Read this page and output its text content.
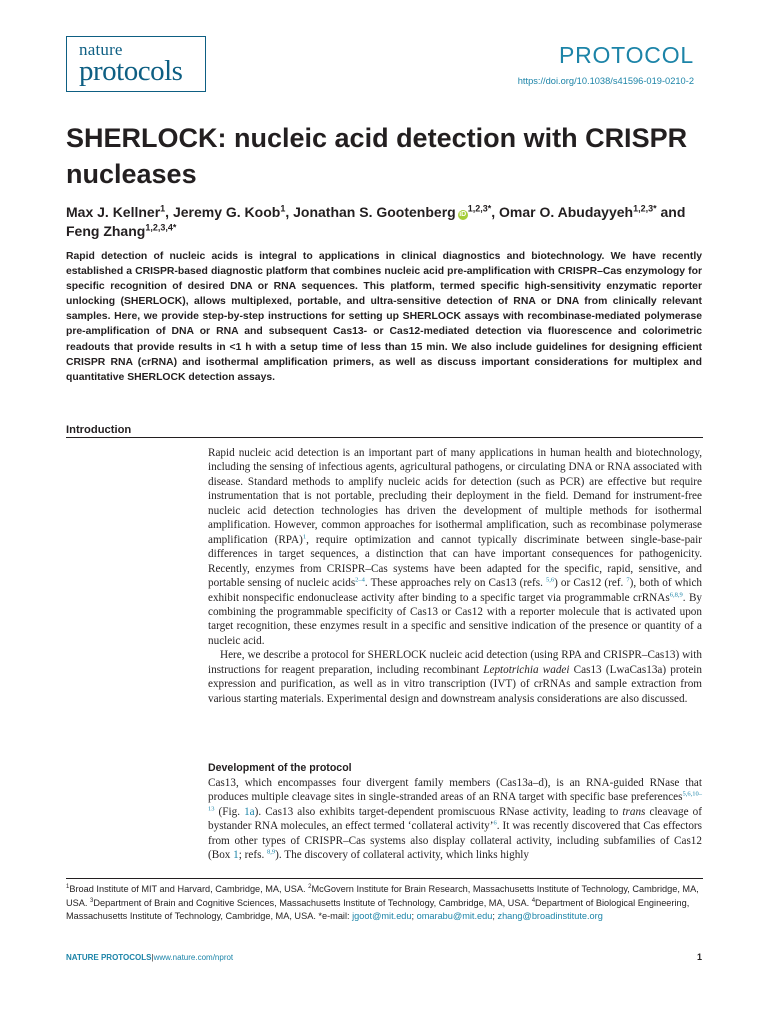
nature
protocols	PROTOCOL
https://doi.org/10.1038/s41596-019-0210-2
SHERLOCK: nucleic acid detection with CRISPR nucleases

Max J. Kellner$^1$, Jeremy G. Koob$^1$, Jonathan S. Gootenberg $iD^{1,2,3*}$, Omar O. Abudayyeh$^{1,2,3*}$ and Feng Zhang$^{1,2,3,4*}$

Rapid detection of nucleic acids is integral to applications in clinical diagnostics and biotechnology. We have recently established a CRISPR-based diagnostic platform that combines nucleic acid pre-amplification with CRISPR–Cas enzymology for specific recognition of desired DNA or RNA sequences. This platform, termed specific high-sensitivity enzymatic reporter unlocking (SHERLOCK), allows multiplexed, portable, and ultra-sensitive detection of RNA or DNA from clinically relevant samples. Here, we provide step-by-step instructions for setting up SHERLOCK assays with recombinase-mediated polymerase pre-amplification of DNA or RNA and subsequent Cas13- or Cas12-mediated detection via fluorescence and colorimetric readouts that provide results in <1 h with a setup time of less than 15 min. We also include guidelines for designing efficient CRISPR RNA (crRNA) and isothermal amplification primers, as well as discuss important considerations for multiplex and quantitative SHERLOCK detection assays.

Introduction

Rapid nucleic acid detection is an important part of many applications in human health and biotechnology, including the sensing of infectious agents, agricultural pathogens, or circulating DNA or RNA associated with disease. Standard methods to amplify nucleic acids for detection (such as PCR) are effective but require instrumentation that is not portable, precluding their deployment in the field. Demand for instrument-free nucleic acid detection technologies has driven the development of multiple methods for isothermal amplification. However, common approaches for isothermal amplification, such as recombinase polymerase amplification (RPA)$^1$, require optimization and cannot typically discriminate between single-base-pair differences in target sequences, a distinction that can have important consequences for pathogenicity. Recently, enzymes from CRISPR–Cas systems have been adapted for the specific, rapid, sensitive, and portable sensing of nucleic acids$^{2-4}$. These approaches rely on Cas13 (refs. $^{5,6}$) or Cas12 (ref. $^7$), both of which exhibit nonspecific endonuclease activity after binding to a specific target via programmable crRNAs$^{6,8,9}$. By combining the programmable specificity of Cas13 or Cas12 with a reporter molecule that is activated upon target recognition, these enzymes result in a specific and sensitive indication of the presence or quantity of a nucleic acid.

Here, we describe a protocol for SHERLOCK nucleic acid detection (using RPA and CRISPR–Cas13) with instructions for reagent preparation, including recombinant Leptotrichia wadei Cas13 (LwaCas13a) protein expression and purification, as well as in vitro transcription (IVT) of crRNAs and sample extraction from various starting materials. Experimental design and downstream analysis considerations are also discussed.

Development of the protocol
Cas13, which encompasses four divergent family members (Cas13a–d), is an RNA-guided RNase that produces multiple cleavage sites in single-stranded areas of an RNA target with specific base preferences$^{5,6,10-13}$ (Fig. 1a). Cas13 also exhibits target-dependent promiscuous RNase activity, leading to trans cleavage of bystander RNA molecules, an effect termed ‘collateral activity’$^6$. It was recently discovered that Cas effectors from other types of CRISPR–Cas systems also display collateral activity, including subfamilies of Cas12 (Box 1; refs. $^{8,9}$). The discovery of collateral activity, which links highly

$^1$Broad Institute of MIT and Harvard, Cambridge, MA, USA. $^2$McGovern Institute for Brain Research, Massachusetts Institute of Technology, Cambridge, MA, USA. $^3$Department of Brain and Cognitive Sciences, Massachusetts Institute of Technology, Cambridge, MA, USA. $^4$Department of Biological Engineering, Massachusetts Institute of Technology, Cambridge, MA, USA. *e-mail: jgoot@mit.edu; omarabu@mit.edu; zhang@broadinstitute.org

NATURE PROTOCOLS|www.nature.com/nprot	1
